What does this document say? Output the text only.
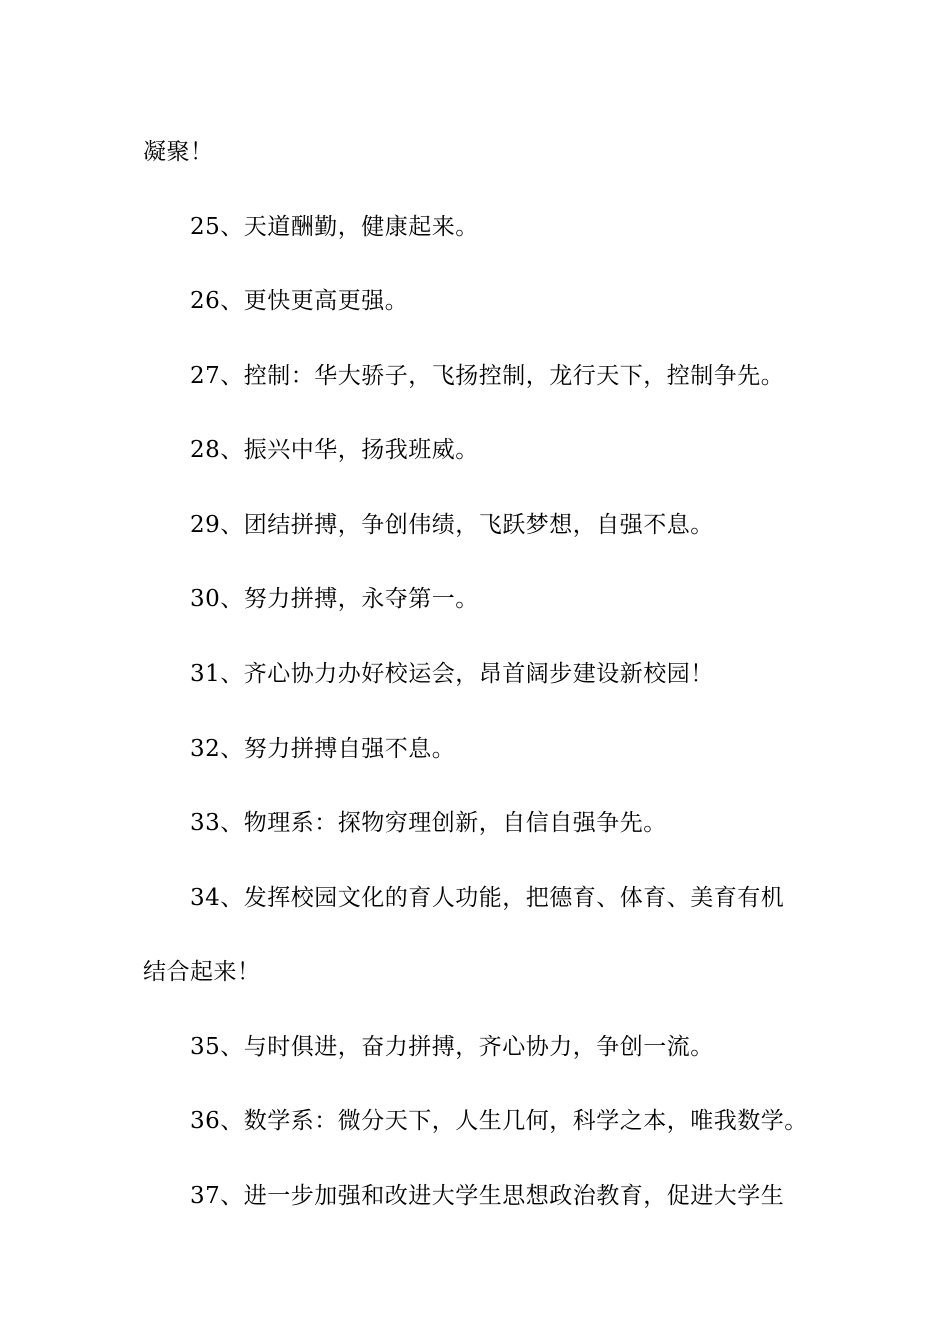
凝聚！
25、天道酬勤，健康起来。
26、更快更高更强。
27、控制：华大骄子，飞扬控制，龙行天下，控制争先。
28、振兴中华，扬我班威。
29、团结拼搏，争创伟绩，飞跃梦想，自强不息。
30、努力拼搏，永夺第一。
31、齐心协力办好校运会，昂首阔步建设新校园！
32、努力拼搏自强不息。
33、物理系：探物穷理创新，自信自强争先。
34、发挥校园文化的育人功能，把德育、体育、美育有机
结合起来！
35、与时俱进，奋力拼搏，齐心协力，争创一流。
36、数学系：微分天下，人生几何，科学之本，唯我数学。
37、进一步加强和改进大学生思想政治教育，促进大学生
